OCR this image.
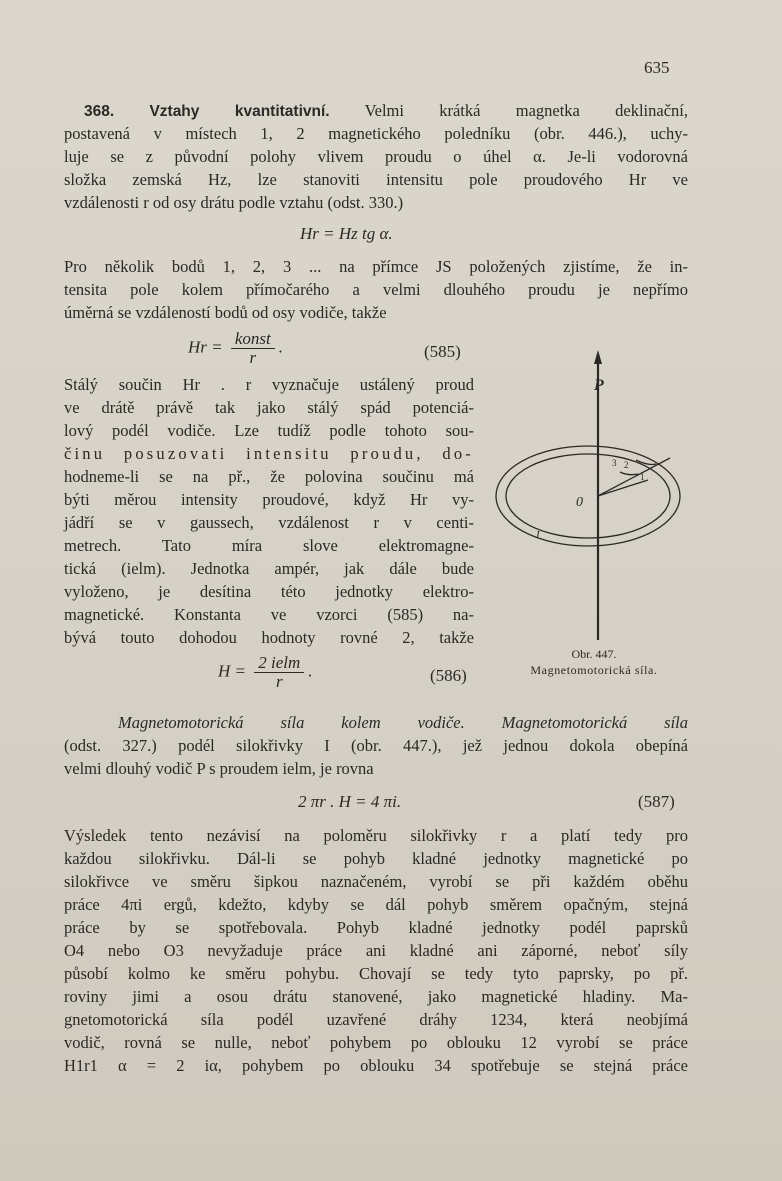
635
368. Vztahy kvantitativní. Velmi krátká magnetka deklinační,
postavená v místech 1, 2 magnetického poledníku (obr. 446.), uchy-
luje se z původní polohy vlivem proudu o úhel α. Je-li vodorovná
složka zemská Hz, lze stanoviti intensitu pole proudového Hr ve
vzdálenosti r od osy drátu podle vztahu (odst. 330.)
Hr = Hz tg α.
Pro několik bodů 1, 2, 3 ... na přímce JS položených zjistíme, že in-
tensita pole kolem přímočarého a velmi dlouhého proudu je nepřímo
úměrná se vzdáleností bodů od osy vodiče, takže
$Hr = \frac{\text{konst}}{r}$ .	(585)
Stálý součin Hr . r vyznačuje ustálený proud
ve drátě právě tak jako stálý spád potenciá-
lový podél vodiče. Lze tudíž podle tohoto sou-
činu posuzovati intensitu proudu, do-
hodneme-li se na př., že polovina součinu má
býti měrou intensity proudové, když Hr vy-
jádří se v gaussech, vzdálenost r v centi-
metrech. Tato míra slove elektromagne-
tická (ielm). Jednotka ampér, jak dále bude
vyloženo, je desítina této jednotky elektro-
magnetické. Konstanta ve vzorci (585) na-
bývá touto dohodou hodnoty rovné 2, takže
$H = \frac{\text{2 ielm}}{r}$ .	(586)
P
0
I
1
2
3
Obr. 447.
Magnetomotorická síla.
Magnetomotorická síla kolem vodiče. Magnetomotorická síla
(odst. 327.) podél silokřivky I (obr. 447.), jež jednou dokola obepíná
velmi dlouhý vodič P s proudem ielm, je rovna
2 πr . H = 4 πi.	(587)
Výsledek tento nezávisí na poloměru silokřivky r a platí tedy pro
každou silokřivku. Dál-li se pohyb kladné jednotky magnetické po
silokřivce ve směru šipkou naznačeném, vyrobí se při každém oběhu
práce 4πi ergů, kdežto, kdyby se dál pohyb směrem opačným, stejná
práce by se spotřebovala. Pohyb kladné jednotky podél paprsků
O4 nebo O3 nevyžaduje práce ani kladné ani záporné, neboť síly
působí kolmo ke směru pohybu. Chovají se tedy tyto paprsky, po př.
roviny jimi a osou drátu stanovené, jako magnetické hladiny. Ma-
gnetomotorická síla podél uzavřené dráhy 1234, která neobjímá
vodič, rovná se nulle, neboť pohybem po oblouku 12 vyrobí se práce
H1r1 α = 2 iα, pohybem po oblouku 34 spotřebuje se stejná práce
